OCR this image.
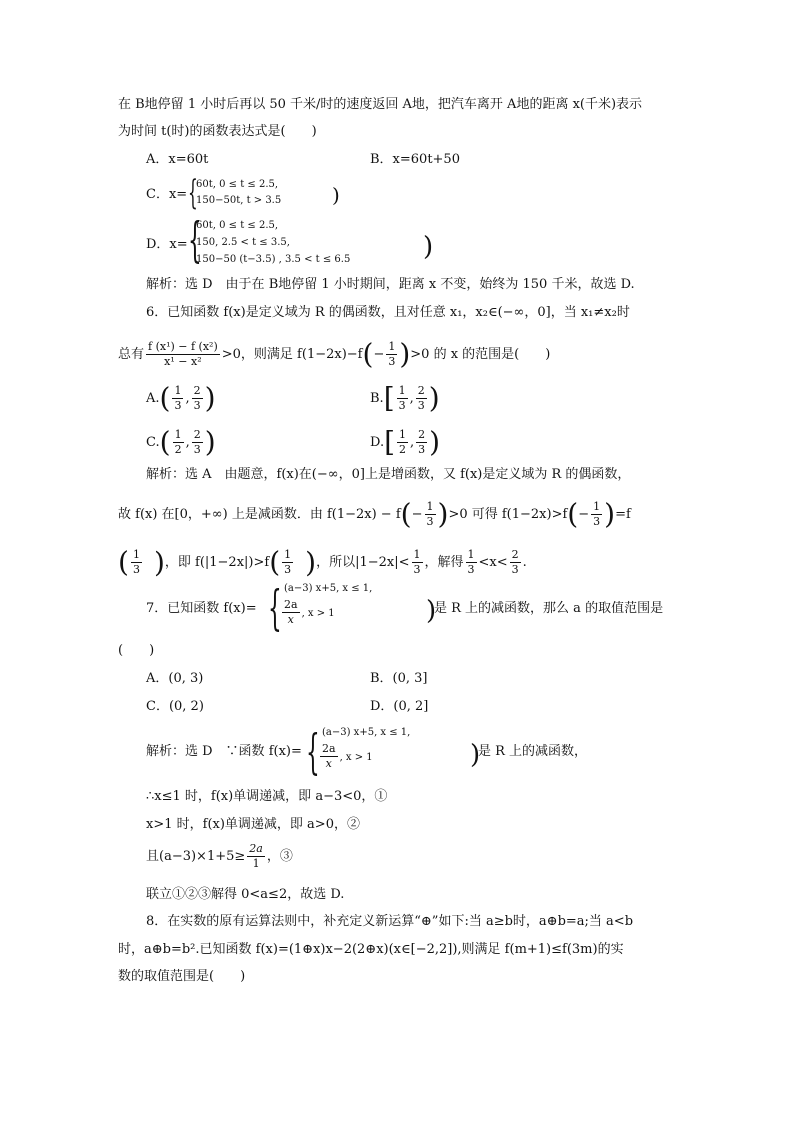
在 B地停留 1 小时后再以 50 千米/时的速度返回 A地，把汽车离开 A地的距离 x(千米)表示
为时间 t(时)的函数表达式是(　　)
A．x=60t	B．x=60t+50
C．x= {
60t, 0 ≤ t ≤ 2.5,
150−50t, t > 3.5	)
D．x= {
60t, 0 ≤ t ≤ 2.5,
150, 2.5 < t ≤ 3.5,
150−50 (t−3.5) , 3.5 < t ≤ 6.5	)
解析：选 D　由于在 B地停留 1 小时期间，距离 x 不变，始终为 150 千米，故选 D.
6．已知函数 f(x)是定义域为 R 的偶函数，且对任意 x₁，x₂∈(−∞，0]，当 x₁≠x₂时
总有 $\frac{\text{f (x¹) − f (x²)}}{\text{x¹ − x²}} >0$，则满足 $f(1-2x)-f(- \frac{1}{3} )>0$ 的 x 的范围是(　　)
$A.( \frac{1}{3}$ , $\frac{2}{3}$ )	$B.[ \frac{1}{3}$ , $\frac{2}{3}$ )
$C.( \frac{1}{2}$ , $\frac{2}{3}$ )	$D.[ \frac{1}{2}$ , $\frac{2}{3}$ )
解析：选 A　由题意，f(x)在(−∞，0]上是增函数，又 f(x)是定义域为 R 的偶函数，
故 f(x) 在[0，+∞) 上是减函数．由 $f(1-2x) - f(- \frac{1}{3} )>0$ 可得 $f(1-2x)>f(- \frac{1}{3} )=f$
( $\frac{1}{3}$ )，即 $f(|1-2x|)>f( \frac{1}{3}$ )，所以$|1-2x|< \frac{1}{3}$ ，解得 $\frac{1}{3} <x< \frac{2}{3}$ .
7．已知函数 f(x)= { (a−3) x+5, x ≤ 1,
$\frac{2a}{x}$ , x > 1	)
是 R 上的减函数，那么 a 的取值范围是
(　　)
A．(0, 3)	B．(0, 3]
C．(0, 2)	D．(0, 2]
解析：选 D　∵函数 f(x)= { (a−3) x+5, x ≤ 1,
$\frac{2a}{x}$ , x > 1	)
是 R 上的减函数，
∴x≤1 时，f(x)单调递减，即 a−3<0，①
x>1 时，f(x)单调递减，即 a>0，②
且$(a-3)\times 1+5\ge \frac{2a}{1}$ ，③
联立①②③解得 0<a≤2，故选 D.
8．在实数的原有运算法则中，补充定义新运算“⊕”如下:当 a≥b时，a⊕b=a;当 a<b
时，a⊕b=b².已知函数 f(x)=(1⊕x)x−2(2⊕x)(x∈[−2,2]),则满足 f(m+1)≤f(3m)的实
数的取值范围是(　　)
